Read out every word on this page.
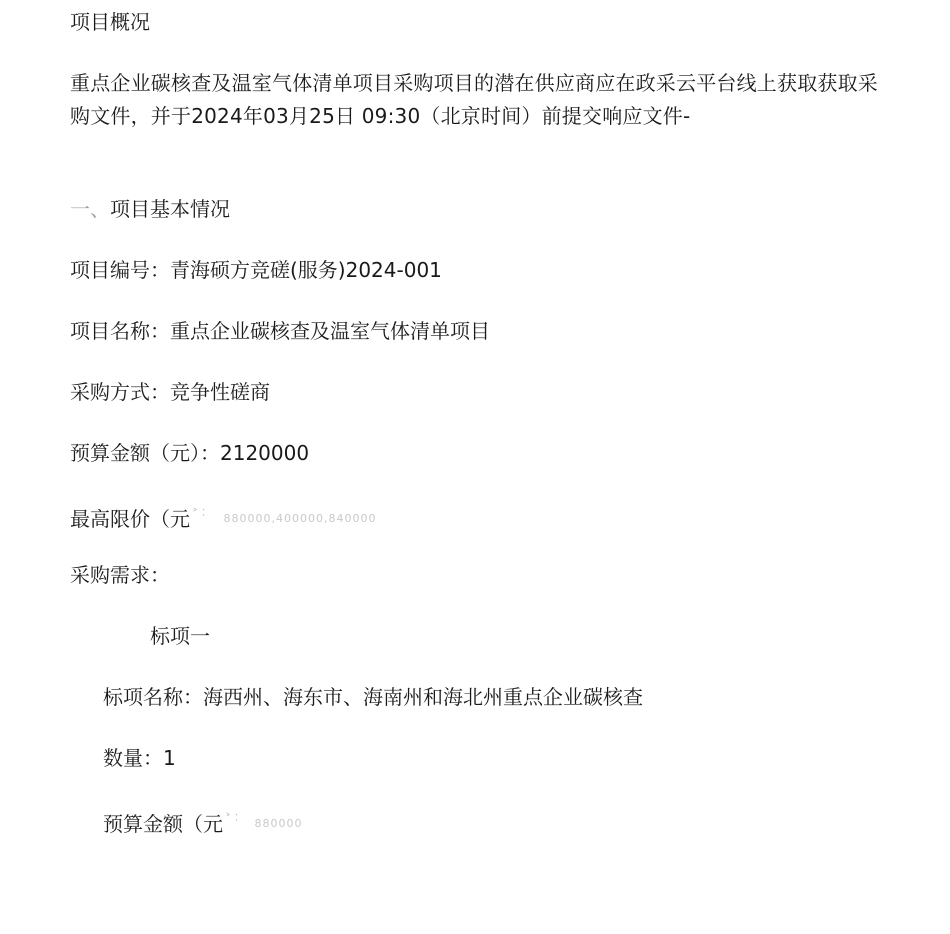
项目概况
重点企业碳核查及温室气体清单项目采购项目的潜在供应商应在政采云平台线上获取获取采购文件，并于2024年03月25日 09:30（北京时间）前提交响应文件-
一、项目基本情况
项目编号：青海硕方竞磋(服务)2024-001
项目名称：重点企业碳核查及温室气体清单项目
采购方式：竞争性磋商
预算金额（元）：2120000
最高限价（元 ˃ ˸ $^{880000,400000,840000}$
采购需求：
标项一
标项名称：海西州、海东市、海南州和海北州重点企业碳核查
数量：1
预算金额（元 ˃ ˸ $^{880000}$
